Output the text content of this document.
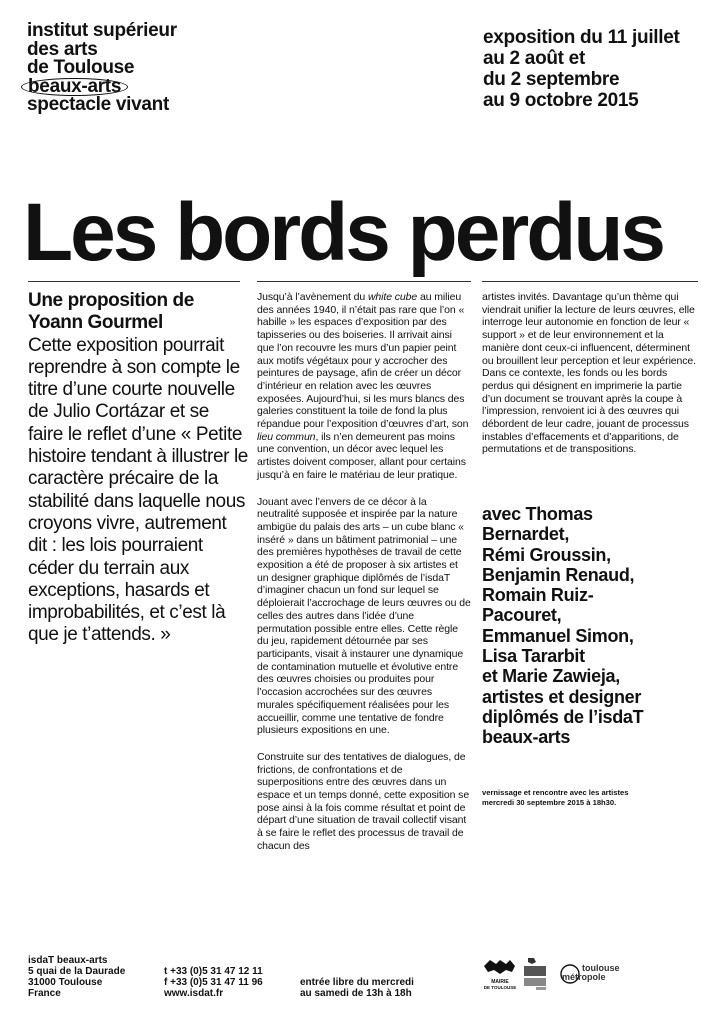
institut supérieur
des arts
de Toulouse
beaux-arts
spectacle vivant
exposition du 11 juillet
au 2 août et
du 2 septembre
au 9 octobre 2015
Les bords perdus
Une proposition de
Yoann Gourmel
Cette exposition pourrait reprendre à son compte le titre d’une courte nouvelle de Julio Cortázar et se faire le reflet d’une « Petite histoire tendant à illustrer le caractère précaire de la stabilité dans laquelle nous croyons vivre, autrement dit : les lois pourraient céder du terrain aux exceptions, hasards et improbabilités, et c’est là que je t’attends. »

Jusqu’à l’avènement du white cube au milieu des années 1940, il n’était pas rare que l’on « habille » les espaces d’exposition par des tapisseries ou des boiseries. Il arrivait ainsi que l’on recouvre les murs d’un papier peint aux motifs végétaux pour y accrocher des peintures de paysage, afin de créer un décor d’intérieur en relation avec les œuvres exposées. Aujourd’hui, si les murs blancs des galeries constituent la toile de fond la plus répandue pour l’exposition d’œuvres d’art, son lieu commun, ils n’en demeurent pas moins une convention, un décor avec lequel les artistes doivent composer, allant pour certains jusqu’à en faire le matériau de leur pratique.

Jouant avec l’envers de ce décor à la neutralité supposée et inspirée par la nature ambigüe du palais des arts – un cube blanc « inséré » dans un bâtiment patrimonial – une des premières hypothèses de travail de cette exposition a été de proposer à six artistes et un designer graphique diplômés de l’isdaT d’imaginer chacun un fond sur lequel se déploierait l’accrochage de leurs œuvres ou de celles des autres dans l’idée d’une permutation possible entre elles. Cette règle du jeu, rapidement détournée par ses participants, visait à instaurer une dynamique de contamination mutuelle et évolutive entre des œuvres choisies ou produites pour l’occasion accrochées sur des œuvres murales spécifiquement réalisées pour les accueillir, comme une tentative de fondre plusieurs expositions en une.

Construite sur des tentatives de dialogues, de frictions, de confrontations et de superpositions entre des œuvres dans un espace et un temps donné, cette exposition se pose ainsi à la fois comme résultat et point de départ d’une situation de travail collectif visant à se faire le reflet des processus de travail de chacun des

artistes invités. Davantage qu’un thème qui viendrait unifier la lecture de leurs œuvres, elle interroge leur autonomie en fonction de leur « support » et de leur environnement et la manière dont ceux-ci influencent, déterminent ou brouillent leur perception et leur expérience.
Dans ce contexte, les fonds ou les bords perdus qui désignent en imprimerie la partie d’un document se trouvant après la coupe à l’impression, renvoient ici à des œuvres qui débordent de leur cadre, jouant de processus instables d’effacements et d’apparitions, de permutations et de transpositions.
avec Thomas
Bernardet,
Rémi Groussin,
Benjamin Renaud,
Romain Ruiz-
Pacouret,
Emmanuel Simon,
Lisa Tararbit
et Marie Zawieja,
artistes et designer
diplômés de l’isdaT
beaux-arts
vernissage et rencontre avec les artistes
mercredi 30 septembre 2015 à 18h30.
isdaT beaux-arts
5 quai de la Daurade
31000 Toulouse
France
t +33 (0)5 31 47 12 11
f +33 (0)5 31 47 11 96
www.isdat.fr
entrée libre du mercredi
au samedi de 13h à 18h
MAIRIE
DE TOULOUSE
toulouse
métropole
